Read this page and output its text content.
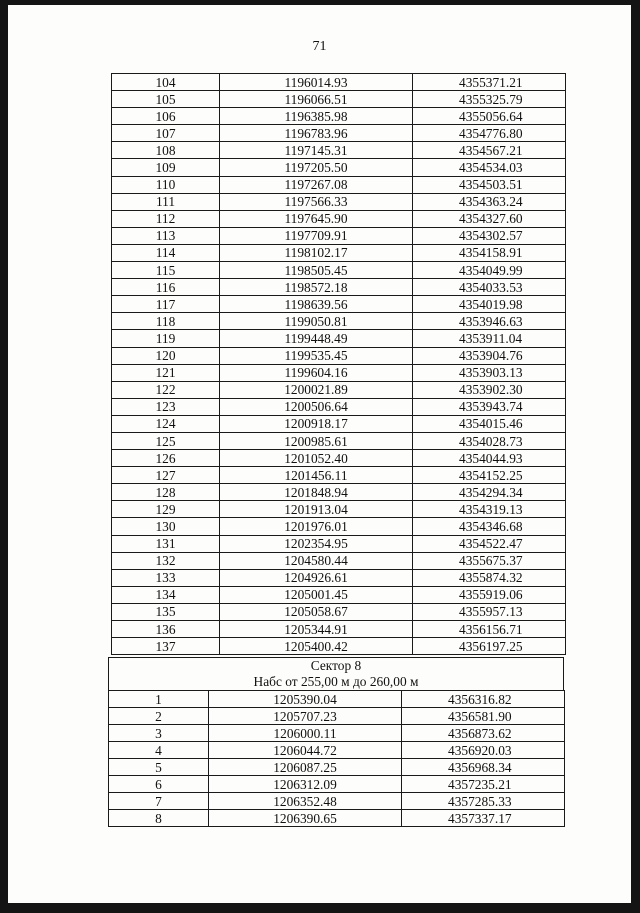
71
104	1196014.93	4355371.21
105	1196066.51	4355325.79
106	1196385.98	4355056.64
107	1196783.96	4354776.80
108	1197145.31	4354567.21
109	1197205.50	4354534.03
110	1197267.08	4354503.51
111	1197566.33	4354363.24
112	1197645.90	4354327.60
113	1197709.91	4354302.57
114	1198102.17	4354158.91
115	1198505.45	4354049.99
116	1198572.18	4354033.53
117	1198639.56	4354019.98
118	1199050.81	4353946.63
119	1199448.49	4353911.04
120	1199535.45	4353904.76
121	1199604.16	4353903.13
122	1200021.89	4353902.30
123	1200506.64	4353943.74
124	1200918.17	4354015.46
125	1200985.61	4354028.73
126	1201052.40	4354044.93
127	1201456.11	4354152.25
128	1201848.94	4354294.34
129	1201913.04	4354319.13
130	1201976.01	4354346.68
131	1202354.95	4354522.47
132	1204580.44	4355675.37
133	1204926.61	4355874.32
134	1205001.45	4355919.06
135	1205058.67	4355957.13
136	1205344.91	4356156.71
137	1205400.42	4356197.25
Сектор 8
Набс от 255,00 м до 260,00 м
1	1205390.04	4356316.82
2	1205707.23	4356581.90
3	1206000.11	4356873.62
4	1206044.72	4356920.03
5	1206087.25	4356968.34
6	1206312.09	4357235.21
7	1206352.48	4357285.33
8	1206390.65	4357337.17
